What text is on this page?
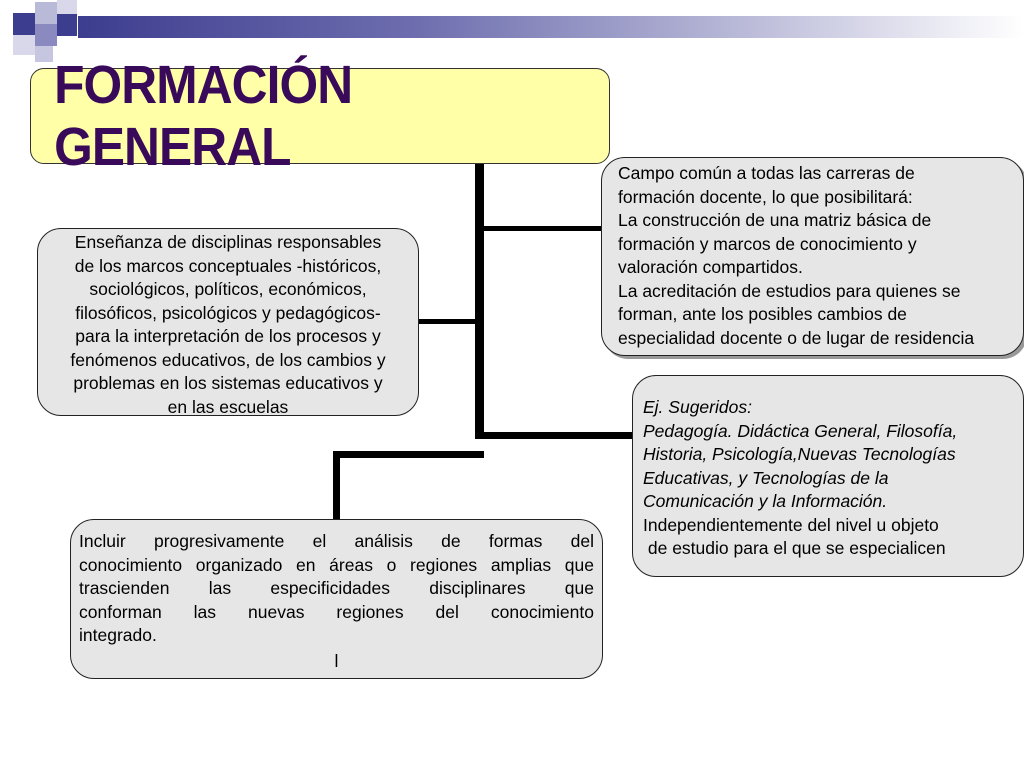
FORMACIÓN GENERAL
Enseñanza de disciplinas responsables
de los marcos conceptuales -históricos,
sociológicos, políticos, económicos,
filosóficos, psicológicos y pedagógicos-
para la interpretación de los procesos y
fenómenos educativos, de los cambios y
problemas en los sistemas educativos y
en las escuelas
Campo común a todas las carreras de
formación docente, lo que posibilitará:
La construcción de una matriz básica de
formación y marcos de conocimiento y
valoración compartidos.
La acreditación de estudios para quienes se
forman, ante los posibles cambios de
especialidad docente o de lugar de residencia
Ej. Sugeridos:
Pedagogía. Didáctica General, Filosofía,
Historia, Psicología,Nuevas Tecnologías
Educativas, y Tecnologías de la
Comunicación y la Información.
Independientemente del nivel u objeto
de estudio para el que se especialicen
Incluir progresivamente el análisis de formas del
conocimiento organizado en áreas o regiones amplias que
trascienden las especificidades disciplinares que
conforman las nuevas regiones del conocimiento
integrado.
l
